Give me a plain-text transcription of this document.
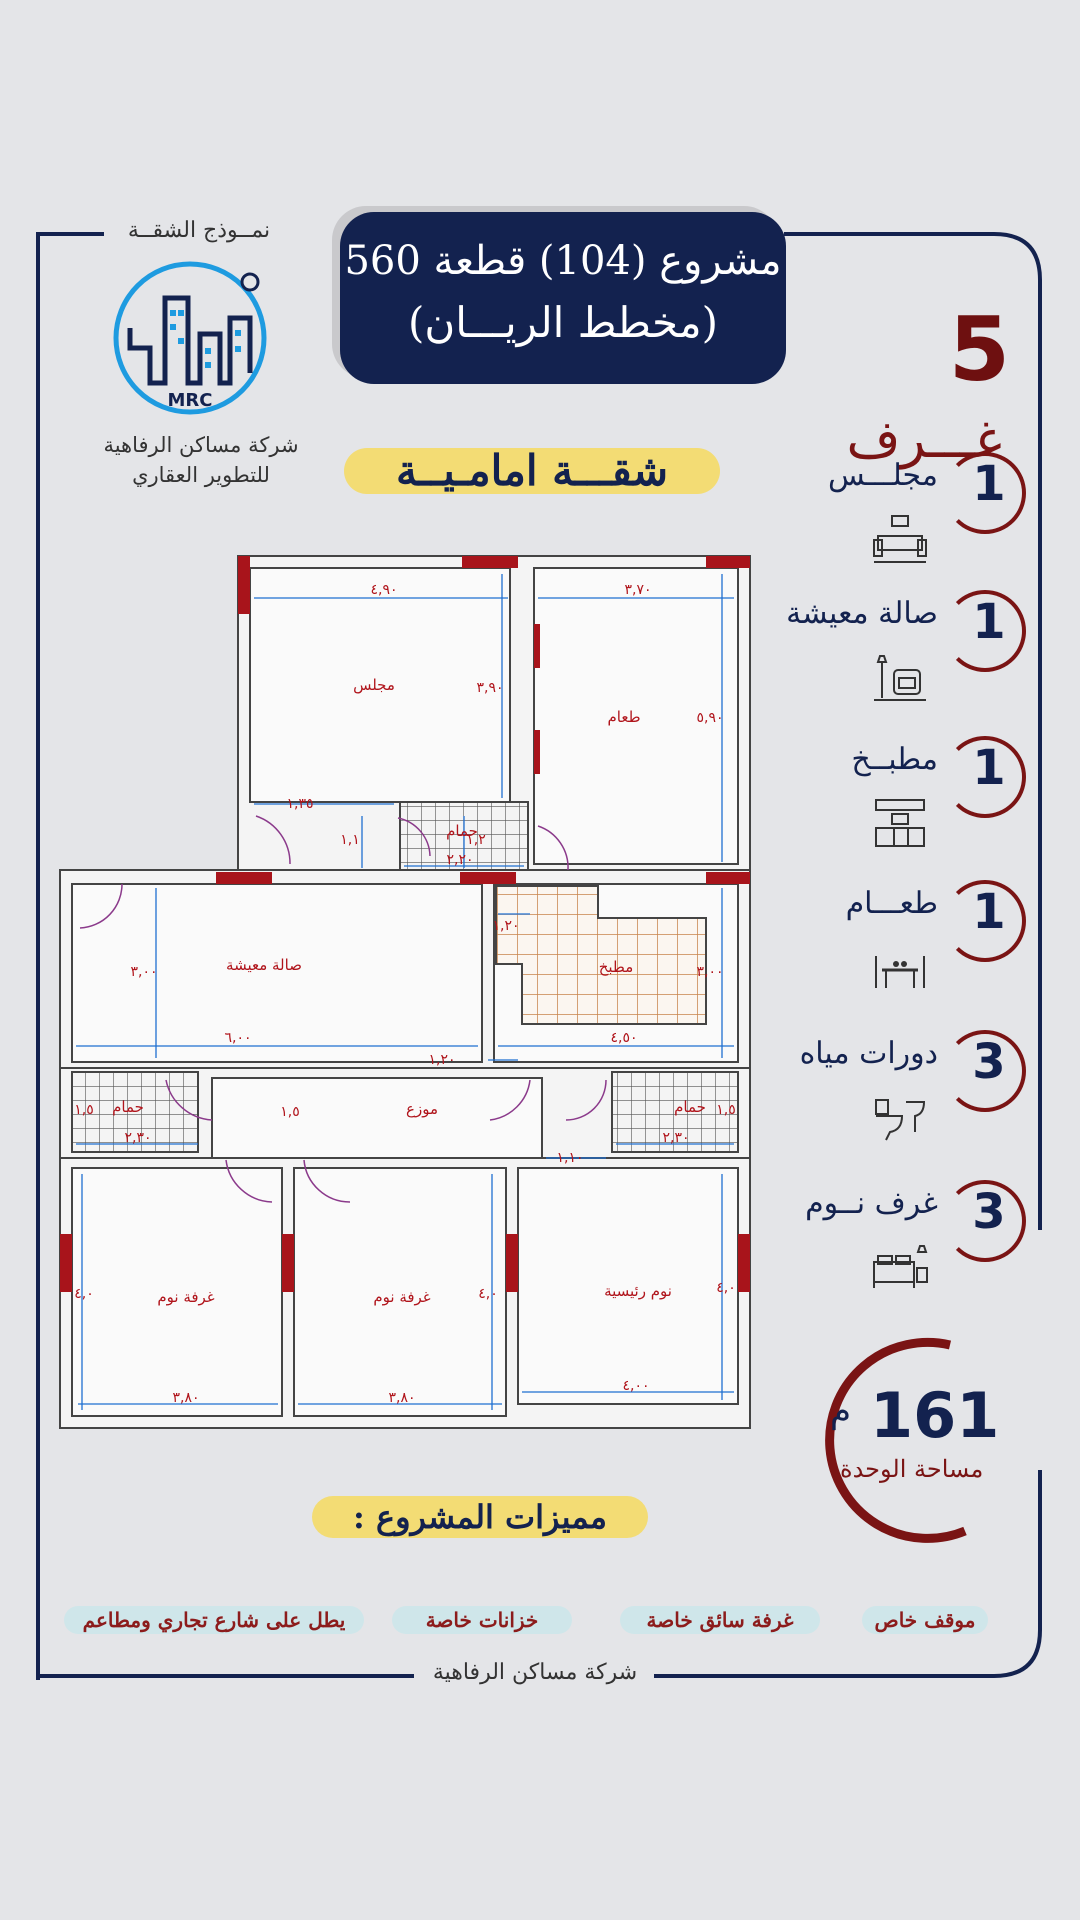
نمــوذج الشقــة
مشروع (104) قطعة 560
(مخطط الريـــان)
MRC
شركة مساكن الرفاهية
للتطوير العقاري	شقـــة امامـيــة
5
غـــرف
1
مجلـــس
1
صالة معيشة
1
مطبــخ
1
طعـــام
3
دورات مياه
3
غرف نــوم
161
م
مساحة الوحدة
مجلس
طعام
حمام
صالة معيشة	مطبخ
حمام	موزع	حمام
غرفة نوم	غرفة نوم	نوم رئيسية
٤,٩٠	٣,٧٠
٣,٩٠
٥,٩٠
١,٣٥
١,١	١,٢
٢,٢٠
٣,٠٠
٦,٠٠	٤,٥٠
٣,٠٠
١,٢٠
١,٢٠
٢,٣٠
١,٥	١,٥
٢,٣٠
١,٥
١,١٠
٣,٨٠
٤,٠
٣,٨٠
٤,٠
٤,٠٠
٤,٠
مميزات المشروع :
موقف خاص
غرفة سائق خاصة
خزانات خاصة
يطل على شارع تجاري ومطاعم
شركة مساكن الرفاهية
